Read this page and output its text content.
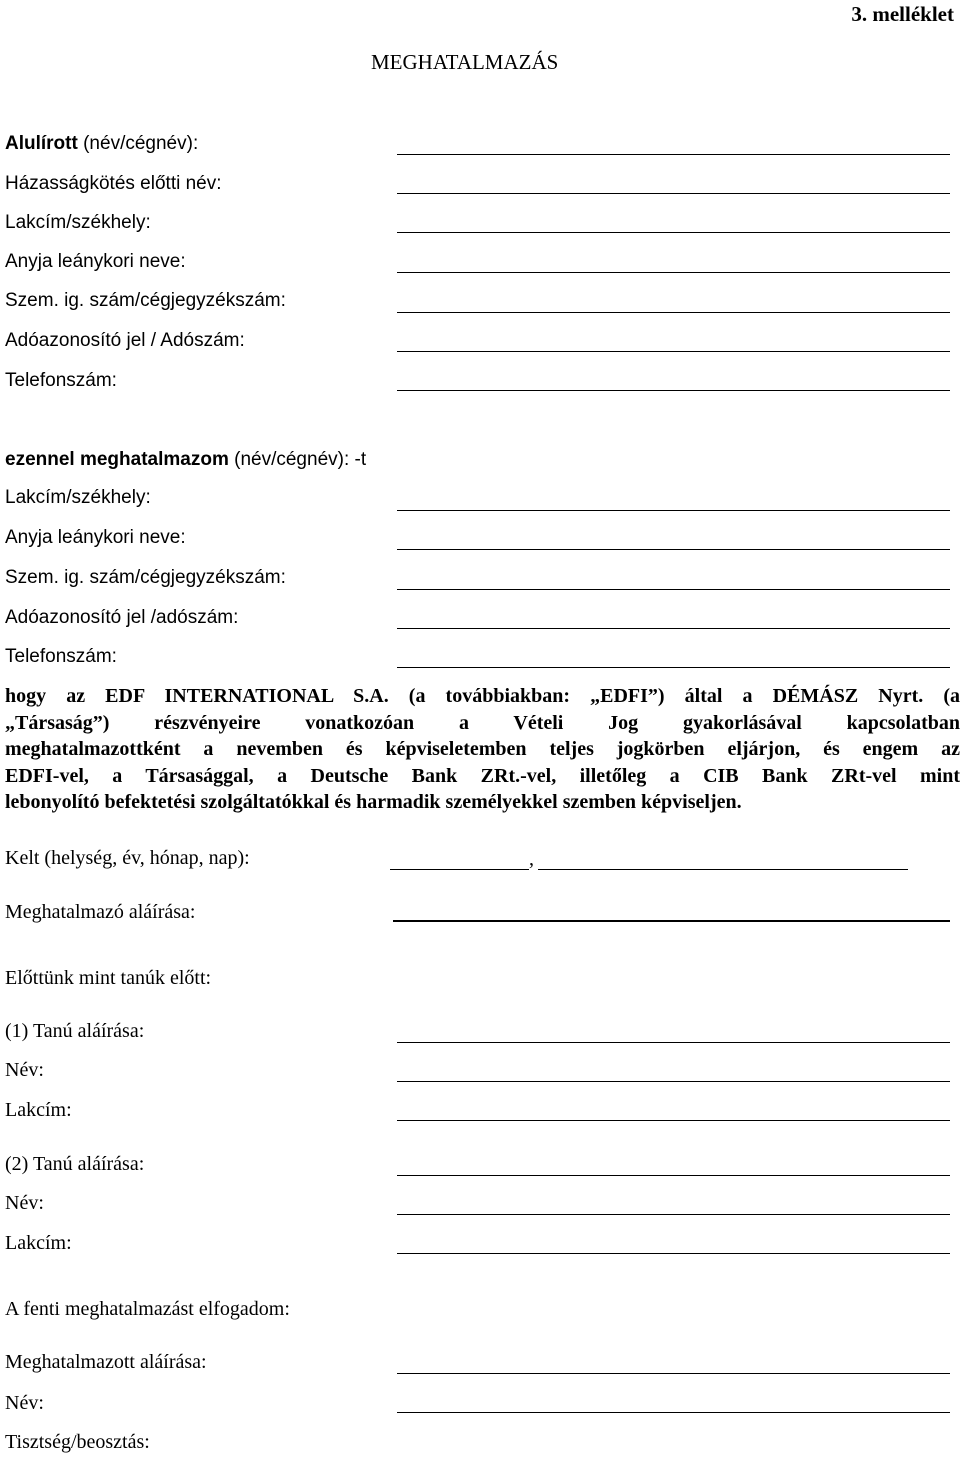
3. melléklet
MEGHATALMAZÁS
Alulírott (név/cégnév):
Házasságkötés előtti név:
Lakcím/székhely:
Anyja leánykori neve:
Szem. ig. szám/cégjegyzékszám:
Adóazonosító jel / Adószám:
Telefonszám:
ezennel meghatalmazom (név/cégnév): -t
Lakcím/székhely:
Anyja leánykori neve:
Szem. ig. szám/cégjegyzékszám:
Adóazonosító jel /adószám:
Telefonszám:
hogy az EDF INTERNATIONAL S.A. (a továbbiakban: „EDFI”) által a DÉMÁSZ Nyrt. (a
„Társaság”) részvényeire vonatkozóan a Vételi Jog gyakorlásával kapcsolatban
meghatalmazottként a nevemben és képviseletemben teljes jogkörben eljárjon, és engem az
EDFI-vel, a Társasággal, a Deutsche Bank ZRt.-vel, illetőleg a CIB Bank ZRt-vel mint
lebonyolító befektetési szolgáltatókkal és harmadik személyekkel szemben képviseljen.
Kelt (helység, év, hónap, nap):	,
Meghatalmazó aláírása:
Előttünk mint tanúk előtt:
(1) Tanú aláírása:
Név:
Lakcím:
(2) Tanú aláírása:
Név:
Lakcím:
A fenti meghatalmazást elfogadom:
Meghatalmazott aláírása:
Név:
Tisztség/beosztás:
